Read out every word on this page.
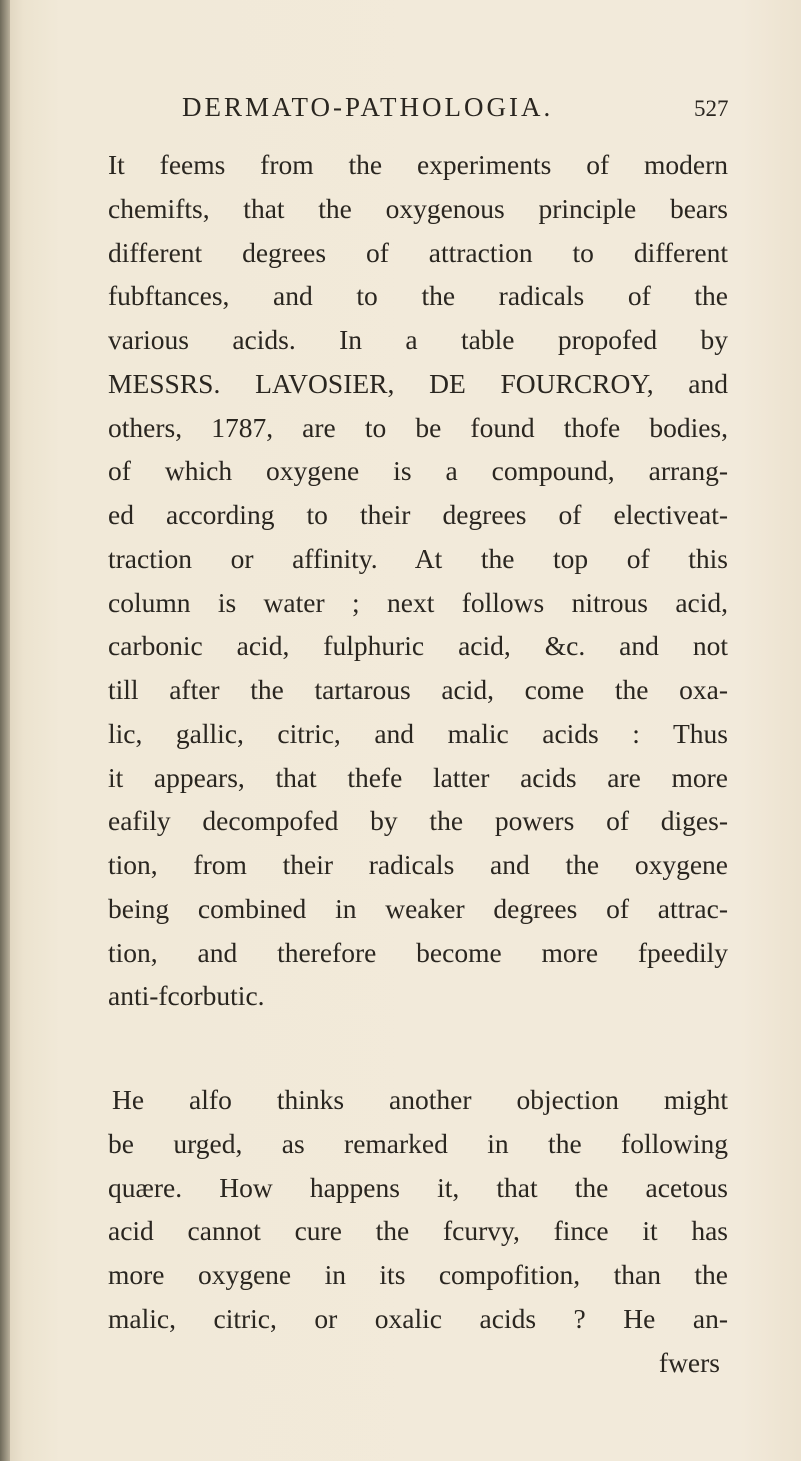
DERMATO-PATHOLOGIA.	527
It feems from the experiments of modern
chemifts, that the oxygenous principle bears
different degrees of attraction to different
fubftances, and to the radicals of the
various acids. In a table propofed by
MESSRS. LAVOSIER, DE FOURCROY, and
others, 1787, are to be found thofe bodies,
of which oxygene is a compound, arrang-
ed according to their degrees of electiveat-
traction or affinity. At the top of this
column is water ; next follows nitrous acid,
carbonic acid, fulphuric acid, &c. and not
till after the tartarous acid, come the oxa-
lic, gallic, citric, and malic acids : Thus
it appears, that thefe latter acids are more
eafily decompofed by the powers of diges-
tion, from their radicals and the oxygene
being combined in weaker degrees of attrac-
tion, and therefore become more fpeedily
anti-fcorbutic.
He alfo thinks another objection might
be urged, as remarked in the following
quære. How happens it, that the acetous
acid cannot cure the fcurvy, fince it has
more oxygene in its compofition, than the
malic, citric, or oxalic acids ? He an-
fwers
